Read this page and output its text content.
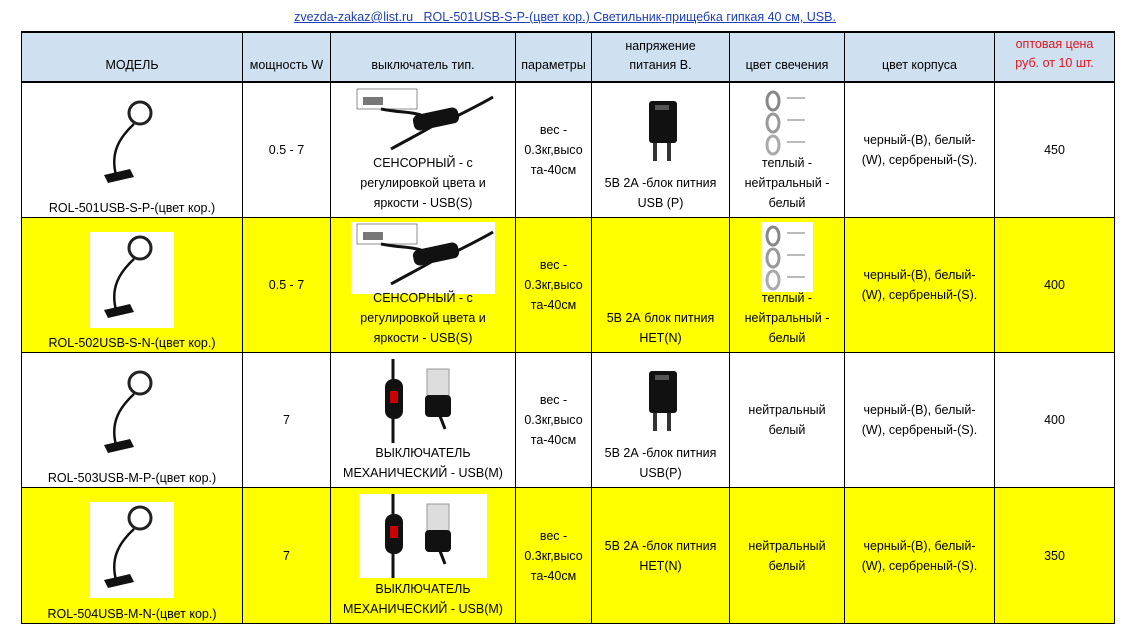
zvezda-zakaz@list.ru ROL-501USB-S-P-(цвет кор.) Светильник-прищебка гипкая 40 см, USB.
МОДЕЛЬ	мощность W	выключатель тип.	параметры	напряжение
питания В.	цвет свечения	цвет корпуса	оптовая цена
руб. от 10 шт.

ROL-501USB-S-P-(цвет кор.)	0.5 - 7	СЕНСОРНЫЙ - с
регулировкой цвета и
яркости - USB(S)	вес -
0.3кг,высо
та-40см	5В 2А -блок питния
USB (P)	теплый -
нейтральный -
белый	черный-(В), белый-
(W), сербреный-(S).	450

ROL-502USB-S-N-(цвет кор.)	0.5 - 7	СЕНСОРНЫЙ - с
регулировкой цвета и
яркости - USB(S)	вес -
0.3кг,высо
та-40см	5В 2А блок питния
НЕТ(N)	теплый -
нейтральный -
белый	черный-(В), белый-
(W), сербреный-(S).	400

ROL-503USB-M-P-(цвет кор.)	7	ВЫКЛЮЧАТЕЛЬ
МЕХАНИЧЕСКИЙ - USB(M)	вес -
0.3кг,высо
та-40см	5В 2А -блок питния
USB(P)	нейтральный
белый	черный-(В), белый-
(W), сербреный-(S).	400

ROL-504USB-M-N-(цвет кор.)	7	ВЫКЛЮЧАТЕЛЬ
МЕХАНИЧЕСКИЙ - USB(M)	вес -
0.3кг,высо
та-40см	5В 2А -блок питния
НЕТ(N)	нейтральный
белый	черный-(В), белый-
(W), сербреный-(S).	350
